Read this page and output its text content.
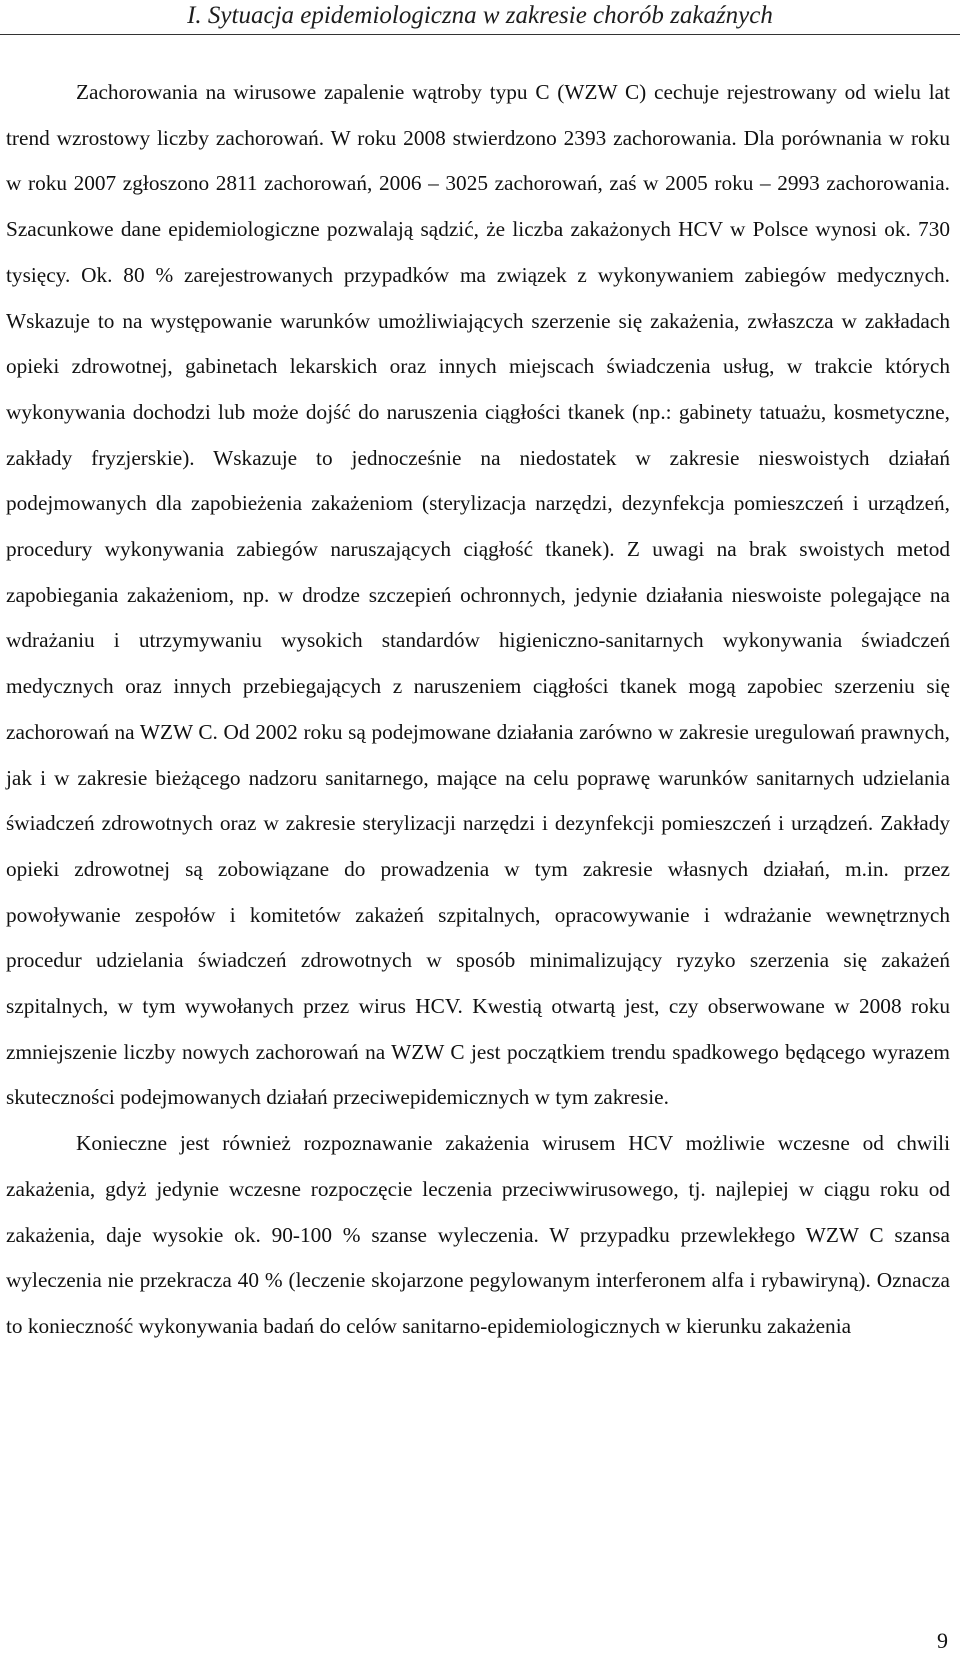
I. Sytuacja epidemiologiczna w zakresie chorób zakaźnych

Zachorowania na wirusowe zapalenie wątroby typu C (WZW C) cechuje rejestrowany od wielu lat trend wzrostowy liczby zachorowań. W roku 2008 stwierdzono 2393 zachorowania. Dla porównania w roku w roku 2007 zgłoszono 2811 zachorowań, 2006 – 3025 zachorowań, zaś w 2005 roku – 2993 zachorowania. Szacunkowe dane epidemiologiczne pozwalają sądzić, że liczba zakażonych HCV w Polsce wynosi ok. 730 tysięcy. Ok. 80 % zarejestrowanych przypadków ma związek z wykonywaniem zabiegów medycznych. Wskazuje to na występowanie warunków umożliwiających szerzenie się zakażenia, zwłaszcza w zakładach opieki zdrowotnej, gabinetach lekarskich oraz innych miejscach świadczenia usług, w trakcie których wykonywania dochodzi lub może dojść do naruszenia ciągłości tkanek (np.: gabinety tatuażu, kosmetyczne, zakłady fryzjerskie). Wskazuje to jednocześnie na niedostatek w zakresie nieswoistych działań podejmowanych dla zapobieżenia zakażeniom (sterylizacja narzędzi, dezynfekcja pomieszczeń i urządzeń, procedury wykonywania zabiegów naruszających ciągłość tkanek). Z uwagi na brak swoistych metod zapobiegania zakażeniom, np. w drodze szczepień ochronnych, jedynie działania nieswoiste polegające na wdrażaniu i utrzymywaniu wysokich standardów higieniczno-sanitarnych wykonywania świadczeń medycznych oraz innych przebiegających z naruszeniem ciągłości tkanek mogą zapobiec szerzeniu się zachorowań na WZW C. Od 2002 roku są podejmowane działania zarówno w zakresie uregulowań prawnych, jak i w zakresie bieżącego nadzoru sanitarnego, mające na celu poprawę warunków sanitarnych udzielania świadczeń zdrowotnych oraz w zakresie sterylizacji narzędzi i dezynfekcji pomieszczeń i urządzeń. Zakłady opieki zdrowotnej są zobowiązane do prowadzenia w tym zakresie własnych działań, m.in. przez powoływanie zespołów i komitetów zakażeń szpitalnych, opracowywanie i wdrażanie wewnętrznych procedur udzielania świadczeń zdrowotnych w sposób minimalizujący ryzyko szerzenia się zakażeń szpitalnych, w tym wywołanych przez wirus HCV. Kwestią otwartą jest, czy obserwowane w 2008 roku zmniejszenie liczby nowych zachorowań na WZW C jest początkiem trendu spadkowego będącego wyrazem skuteczności podejmowanych działań przeciwepidemicznych w tym zakresie.

Konieczne jest również rozpoznawanie zakażenia wirusem HCV możliwie wczesne od chwili zakażenia, gdyż jedynie wczesne rozpoczęcie leczenia przeciwwirusowego, tj. najlepiej w ciągu roku od zakażenia, daje wysokie ok. 90-100 % szanse wyleczenia. W przypadku przewlekłego WZW C szansa wyleczenia nie przekracza 40 % (leczenie skojarzone pegylowanym interferonem alfa i rybawiryną). Oznacza to konieczność wykonywania badań do celów sanitarno-epidemiologicznych w kierunku zakażenia

9
